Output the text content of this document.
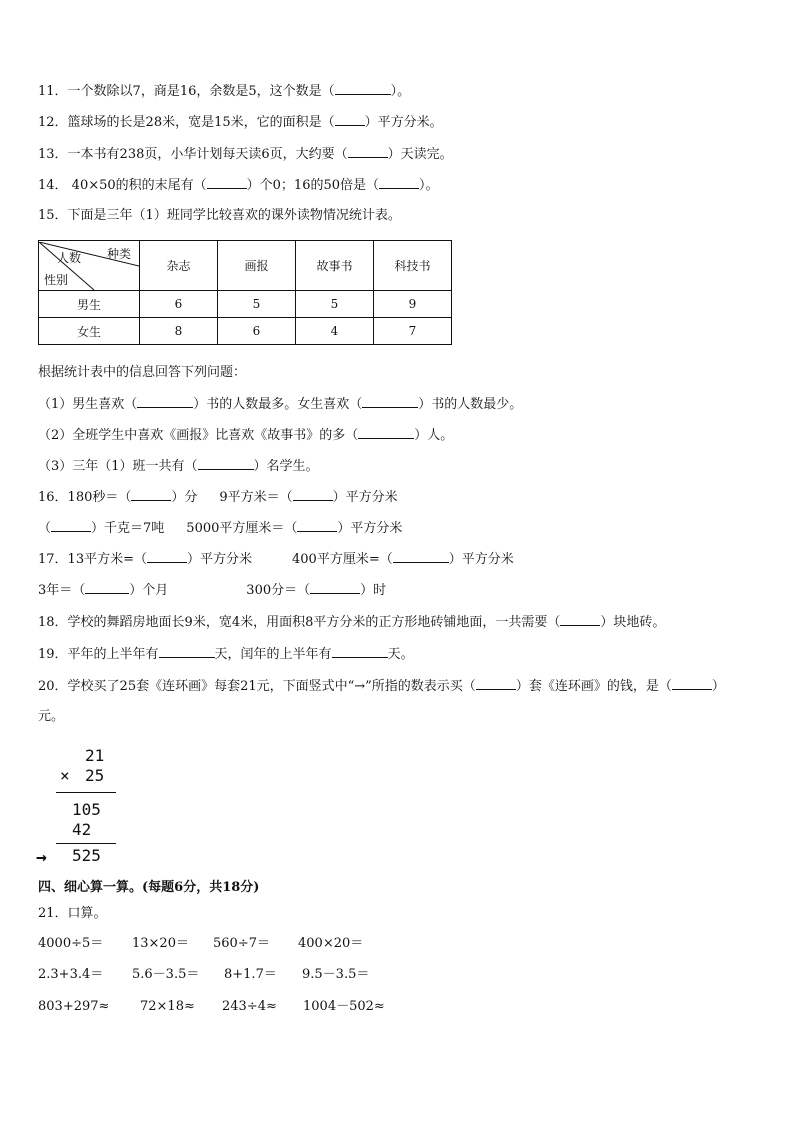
11．一个数除以7，商是16，余数是5，这个数是（	）。
12．篮球场的长是28米，宽是15米，它的面积是（ ）平方分米。
13．一本书有238页，小华计划每天读6页，大约要（	）天读完。
14． 40×50的积的末尾有（	）个0；16的50倍是（	）。
15．下面是三年（1）班同学比较喜欢的课外读物情况统计表。
人数 种类
性别	杂志	画报	故事书	科技书
男生	6	5	5	9
女生	8	6	4	7
根据统计表中的信息回答下列问题：
（1）男生喜欢（	）书的人数最多。女生喜欢（	）书的人数最少。
（2）全班学生中喜欢《画报》比喜欢《故事书》的多（	）人。
（3）三年（1）班一共有（	）名学生。
16．180秒＝（	）分 9平方米＝（	）平方分米
（	）千克＝7吨 5000平方厘米＝（	）平方分米
17．13平方米=（	）平方分米	400平方厘米=（	）平方分米
3年＝（	）个月	300分＝（	）时
18．学校的舞蹈房地面长9米，宽4米，用面积8平方分米的正方形地砖铺地面，一共需要（	）块地砖。
19．平年的上半年有	天，闰年的上半年有	天。
20．学校买了25套《连环画》每套21元，下面竖式中“→”所指的数表示买（	）套《连环画》的钱，是（	）
元。
21
× 25
105
42
→ 525
四、细心算一算。(每题6分，共18分)
21．口算。
4000÷5＝ 13×20＝ 560÷7＝ 400×20＝
2.3+3.4＝ 5.6－3.5＝ 8+1.7＝ 9.5－3.5＝
803+297≈ 72×18≈ 243÷4≈ 1004－502≈
